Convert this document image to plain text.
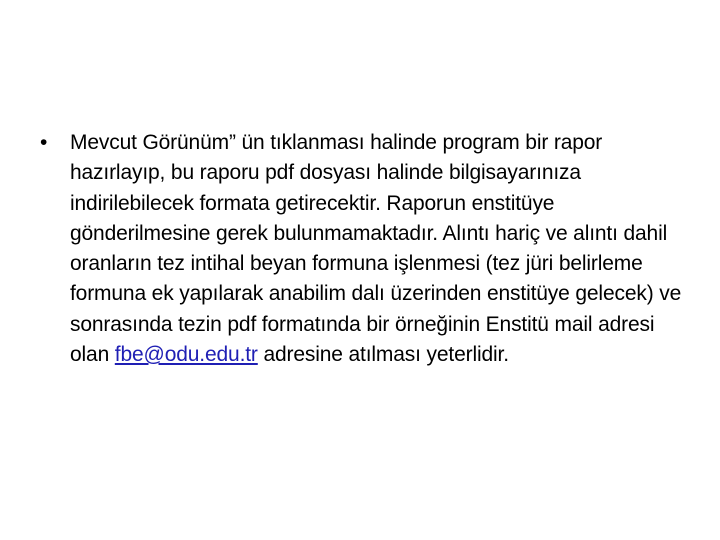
• Mevcut Görünüm” ün tıklanması halinde program bir rapor hazırlayıp, bu raporu pdf dosyası halinde bilgisayarınıza indirilebilecek formata getirecektir. Raporun enstitüye gönderilmesine gerek bulunmamaktadır. Alıntı hariç ve alıntı dahil oranların tez intihal beyan formuna işlenmesi (tez jüri belirleme formuna ek yapılarak anabilim dalı üzerinden enstitüye gelecek) ve sonrasında tezin pdf formatında bir örneğinin Enstitü mail adresi olan fbe@odu.edu.tr adresine atılması yeterlidir.
